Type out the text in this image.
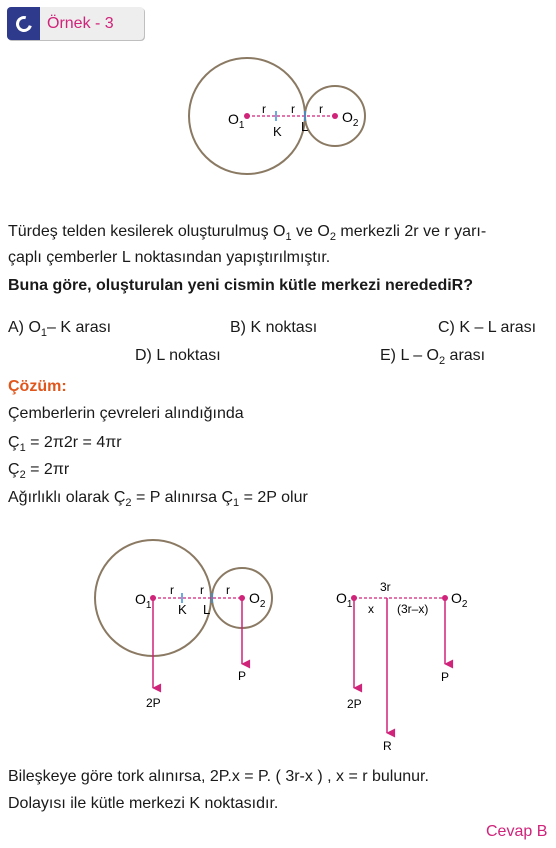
Örnek - 3
$O_1$
$O_2$
K L
r r r
Türdeş telden kesilerek oluşturulmuş $O_1$ ve $O_2$ merkezli 2r ve r yarı-
çaplı çemberler L noktasından yapıştırılmıştır.
Buna göre, oluşturulan yeni cismin kütle merkezi neredediR?
A) $O_1-$ K arası	B) K noktası	C) K – L arası
D) L noktası	E) L – $O_2$ arası
Çözüm:
Çemberlerin çevreleri alındığında
$Ç_1 = 2\pi 2r = 4\pi r$
$Ç_2 = 2\pi r$
Ağırlıklı olarak $Ç_2 = P$ alınırsa $Ç_1 = 2P$ olur
$O_1$	$O_2$
K L
r r r
2P
P
$O_1$	$O_2$
3r
x (3r–x)
2P
P
R
Bileşkeye göre tork alınırsa, 2P.x = P. ( 3r-x ) , x = r bulunur.
Dolayısı ile kütle merkezi K noktasıdır.
Cevap B
